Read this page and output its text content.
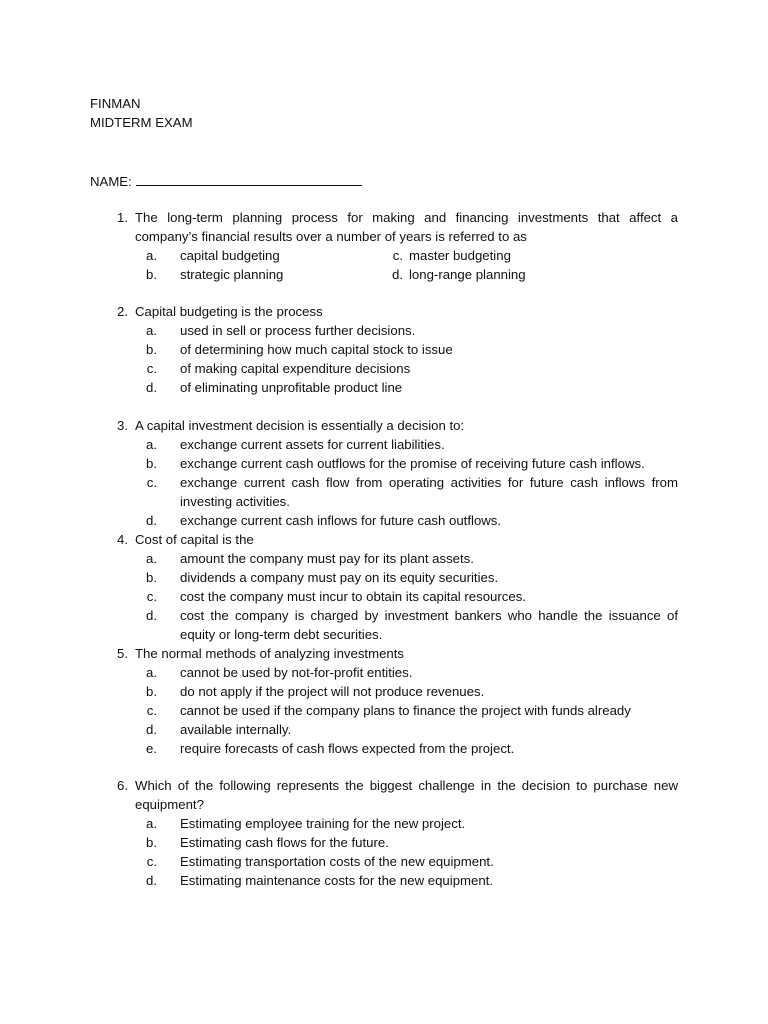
FINMAN
MIDTERM EXAM
NAME:
1. The long-term planning process for making and financing investments that affect a company’s financial results over a number of years is referred to as
a.	capital budgeting	c. master budgeting
b.	strategic planning	d. long-range planning
2. Capital budgeting is the process
a.	used in sell or process further decisions.
b.	of determining how much capital stock to issue
c.	of making capital expenditure decisions
d.	of eliminating unprofitable product line
3. A capital investment decision is essentially a decision to:
a.	exchange current assets for current liabilities.
b.	exchange current cash outflows for the promise of receiving future cash inflows.
c.	exchange current cash flow from operating activities for future cash inflows from investing activities.
d.	exchange current cash inflows for future cash outflows.
4. Cost of capital is the
a.	amount the company must pay for its plant assets.
b.	dividends a company must pay on its equity securities.
c.	cost the company must incur to obtain its capital resources.
d.	cost the company is charged by investment bankers who handle the issuance of equity or long-term debt securities.
5. The normal methods of analyzing investments
a.	cannot be used by not-for-profit entities.
b.	do not apply if the project will not produce revenues.
c.	cannot be used if the company plans to finance the project with funds already
d.	available internally.
e.	require forecasts of cash flows expected from the project.
6. Which of the following represents the biggest challenge in the decision to purchase new equipment?
a.	Estimating employee training for the new project.
b.	Estimating cash flows for the future.
c.	Estimating transportation costs of the new equipment.
d.	Estimating maintenance costs for the new equipment.
